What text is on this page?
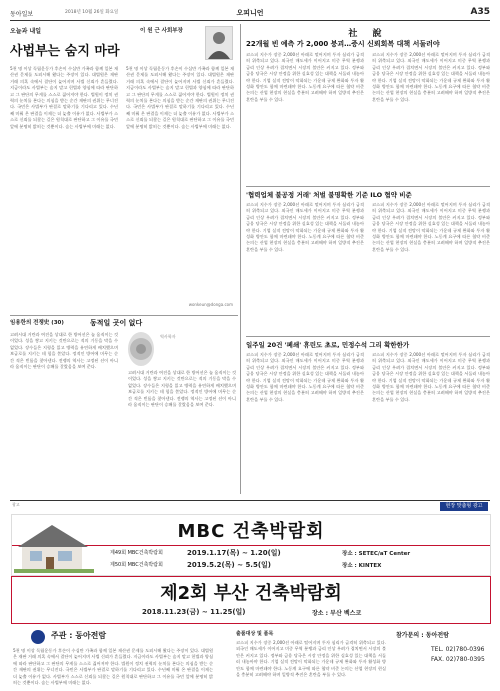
동아일보	오피니언	A35
2018년 10월 26일 화요일
오늘과 내일	이 원 근 사회부장
사법부는 숨지 마라
5천 명 이상 독립운동가 후손이 수십만 가족과 함께 일본 재산권 문제를 도외시해 왔다는 주장이 있다. 대법원은 재판 거래 의혹 속에서 결단이 늦어지며 사법 신뢰가 흔들렸다. 지금이라도 사법부는 숨지 말고 헌법과 양심에 따라 판단하고 그 판단의 무게를 스스로 짊어져야 한다. 법원이 정치 권력의 눈치를 본다는 의심을 받는 순간 재판의 권위는 무너진다. 국민은 사법부가 판결로 말하기를 기다리고 있다. 수년째 미뤄 온 판결을 이제는 더 늦출 이유가 없다. 사법부가 스스로 신뢰를 되찾는 길은 원칙대로 판단하고 그 이유를 국민 앞에 분명히 밝히는 것뿐이다. 숨는 사법부에 미래는 없다.
5천 명 이상 독립운동가 후손이 수십만 가족과 함께 일본 재산권 문제를 도외시해 왔다는 주장이 있다. 대법원은 재판 거래 의혹 속에서 결단이 늦어지며 사법 신뢰가 흔들렸다. 지금이라도 사법부는 숨지 말고 헌법과 양심에 따라 판단하고 그 판단의 무게를 스스로 짊어져야 한다. 법원이 정치 권력의 눈치를 본다는 의심을 받는 순간 재판의 권위는 무너진다. 국민은 사법부가 판결로 말하기를 기다리고 있다. 수년째 미뤄 온 판결을 이제는 더 늦출 이유가 없다. 사법부가 스스로 신뢰를 되찾는 길은 원칙대로 판단하고 그 이유를 국민 앞에 분명히 밝히는 것뿐이다. 숨는 사법부에 미래는 없다.
wonkeun@donga.com
社 說
22개월 빈 예측 가 2,000 붕괴…증시 신뢰회복 대책 서둘러야
코스피 지수가 장중 2,000선 아래로 떨어지며 투자 심리가 급격히 위축되고 있다. 외국인 매도세가 이어지고 미중 무역 분쟁과 금리 인상 우려가 겹치면서 시장의 불안은 커지고 있다. 정부와 금융 당국은 시장 안정을 위한 실효성 있는 대책을 서둘러 내놓아야 한다. 기업 실적 전망이 악화되는 가운데 규제 완화와 투자 활성화 방안도 함께 마련돼야 한다. 노동계 요구에 따른 협약 비준 논의는 산업 현장의 현실을 충분히 고려해야 하며 일방적 추진은 혼란을 부를 수 있다.
코스피 지수가 장중 2,000선 아래로 떨어지며 투자 심리가 급격히 위축되고 있다. 외국인 매도세가 이어지고 미중 무역 분쟁과 금리 인상 우려가 겹치면서 시장의 불안은 커지고 있다. 정부와 금융 당국은 시장 안정을 위한 실효성 있는 대책을 서둘러 내놓아야 한다. 기업 실적 전망이 악화되는 가운데 규제 완화와 투자 활성화 방안도 함께 마련돼야 한다. 노동계 요구에 따른 협약 비준 논의는 산업 현장의 현실을 충분히 고려해야 하며 일방적 추진은 혼란을 부를 수 있다.
'협력업체 불공정 거래' 처벌 불명확한 기준 ILO 협약 비준
코스피 지수가 장중 2,000선 아래로 떨어지며 투자 심리가 급격히 위축되고 있다. 외국인 매도세가 이어지고 미중 무역 분쟁과 금리 인상 우려가 겹치면서 시장의 불안은 커지고 있다. 정부와 금융 당국은 시장 안정을 위한 실효성 있는 대책을 서둘러 내놓아야 한다. 기업 실적 전망이 악화되는 가운데 규제 완화와 투자 활성화 방안도 함께 마련돼야 한다. 노동계 요구에 따른 협약 비준 논의는 산업 현장의 현실을 충분히 고려해야 하며 일방적 추진은 혼란을 부를 수 있다.
코스피 지수가 장중 2,000선 아래로 떨어지며 투자 심리가 급격히 위축되고 있다. 외국인 매도세가 이어지고 미중 무역 분쟁과 금리 인상 우려가 겹치면서 시장의 불안은 커지고 있다. 정부와 금융 당국은 시장 안정을 위한 실효성 있는 대책을 서둘러 내놓아야 한다. 기업 실적 전망이 악화되는 가운데 규제 완화와 투자 활성화 방안도 함께 마련돼야 한다. 노동계 요구에 따른 협약 비준 논의는 산업 현장의 현실을 충분히 고려해야 하며 일방적 추진은 혼란을 부를 수 있다.
일주일 20건 '폐쇄' 휴린도 초로, 민정수석 그리 확한한가
코스피 지수가 장중 2,000선 아래로 떨어지며 투자 심리가 급격히 위축되고 있다. 외국인 매도세가 이어지고 미중 무역 분쟁과 금리 인상 우려가 겹치면서 시장의 불안은 커지고 있다. 정부와 금융 당국은 시장 안정을 위한 실효성 있는 대책을 서둘러 내놓아야 한다. 기업 실적 전망이 악화되는 가운데 규제 완화와 투자 활성화 방안도 함께 마련돼야 한다. 노동계 요구에 따른 협약 비준 논의는 산업 현장의 현실을 충분히 고려해야 하며 일방적 추진은 혼란을 부를 수 있다.
코스피 지수가 장중 2,000선 아래로 떨어지며 투자 심리가 급격히 위축되고 있다. 외국인 매도세가 이어지고 미중 무역 분쟁과 금리 인상 우려가 겹치면서 시장의 불안은 커지고 있다. 정부와 금융 당국은 시장 안정을 위한 실효성 있는 대책을 서둘러 내놓아야 한다. 기업 실적 전망이 악화되는 가운데 규제 완화와 투자 활성화 방안도 함께 마련돼야 한다. 노동계 요구에 따른 협약 비준 논의는 산업 현장의 현실을 충분히 고려해야 하며 일방적 추진은 혼란을 부를 수 있다.
임용한의 전쟁史 (30)	동적일 곳이 없다
고려시대 거란과 여진을 상대로 한 방어선은 늘 움직이는 것이었다. 성을 쌓고 지키는 것만으로는 적의 기동을 막을 수 없었다. 장수들은 지형을 읽고 병력을 유연하게 배치했으며 보급로를 지키는 데 힘을 쏟았다. 정적인 방어에 머무는 순간 적은 빈틈을 찾아낸다. 전쟁의 역사는 고정된 선이 아니라 움직이는 판단이 승패를 갈랐음을 보여 준다.
역사학자
고려시대 거란과 여진을 상대로 한 방어선은 늘 움직이는 것이었다. 성을 쌓고 지키는 것만으로는 적의 기동을 막을 수 없었다. 장수들은 지형을 읽고 병력을 유연하게 배치했으며 보급로를 지키는 데 힘을 쏟았다. 정적인 방어에 머무는 순간 적은 빈틈을 찾아낸다. 전쟁의 역사는 고정된 선이 아니라 움직이는 판단이 승패를 갈랐음을 보여 준다.
광고	현장 맞춤형 광고
MBC 건축박람회
제49회 MBC건축박람회	2019.1.17(목) ~ 1.20(일)	장소 : SETEC/aT Center
제50회 MBC건축박람회	2019.5.2(목) ~ 5.5(일)	장소 : KINTEX
제2회 부산 건축박람회
2018.11.23(금) ~ 11.25(일)	장소 : 부산 벡스코
주관 : 동아전람
5천 명 이상 독립운동가 후손이 수십만 가족과 함께 일본 재산권 문제를 도외시해 왔다는 주장이 있다. 대법원은 재판 거래 의혹 속에서 결단이 늦어지며 사법 신뢰가 흔들렸다. 지금이라도 사법부는 숨지 말고 헌법과 양심에 따라 판단하고 그 판단의 무게를 스스로 짊어져야 한다. 법원이 정치 권력의 눈치를 본다는 의심을 받는 순간 재판의 권위는 무너진다. 국민은 사법부가 판결로 말하기를 기다리고 있다. 수년째 미뤄 온 판결을 이제는 더 늦출 이유가 없다. 사법부가 스스로 신뢰를 되찾는 길은 원칙대로 판단하고 그 이유를 국민 앞에 분명히 밝히는 것뿐이다. 숨는 사법부에 미래는 없다.
출품대상 및 품목
코스피 지수가 장중 2,000선 아래로 떨어지며 투자 심리가 급격히 위축되고 있다. 외국인 매도세가 이어지고 미중 무역 분쟁과 금리 인상 우려가 겹치면서 시장의 불안은 커지고 있다. 정부와 금융 당국은 시장 안정을 위한 실효성 있는 대책을 서둘러 내놓아야 한다. 기업 실적 전망이 악화되는 가운데 규제 완화와 투자 활성화 방안도 함께 마련돼야 한다. 노동계 요구에 따른 협약 비준 논의는 산업 현장의 현실을 충분히 고려해야 하며 일방적 추진은 혼란을 부를 수 있다.
참가문의 : 동아전람
TEL. 02)780-0396
FAX. 02)780-0395
